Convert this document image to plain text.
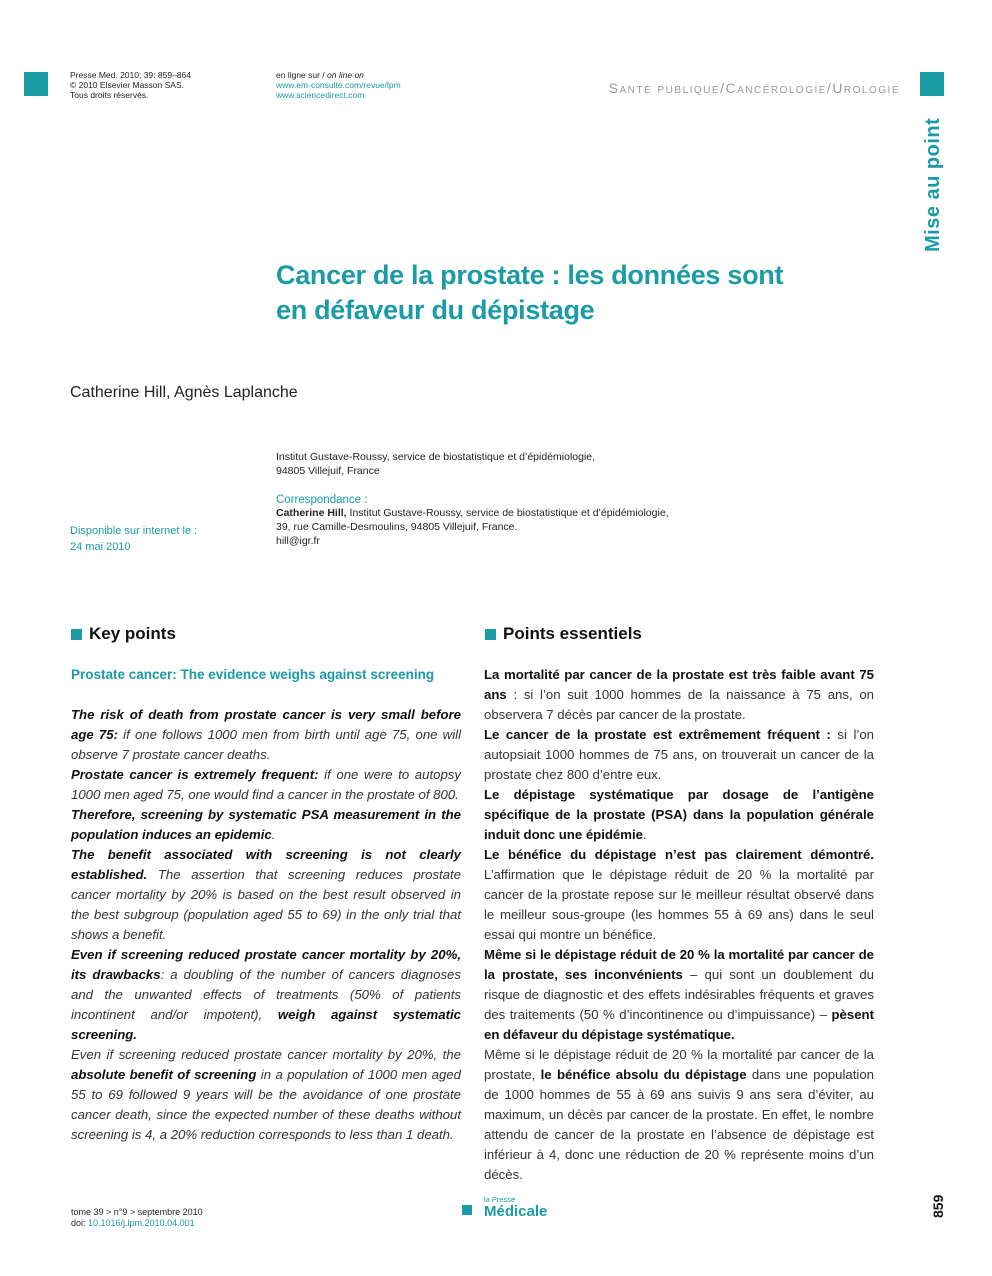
Presse Med. 2010; 39: 859–864
© 2010 Elsevier Masson SAS.
Tous droits réservés.
en ligne sur / on line on
www.em-consulte.com/revue/lpm
www.sciencedirect.com	Santé publique/Cancérologie/Urologie
Mise au point
Cancer de la prostate : les données sont
en défaveur du dépistage
Catherine Hill, Agnès Laplanche
Institut Gustave-Roussy, service de biostatistique et d’épidémiologie,
94805 Villejuif, France
Correspondance :
Catherine Hill, Institut Gustave-Roussy, service de biostatistique et d’épidémiologie,
39, rue Camille-Desmoulins, 94805 Villejuif, France.
hill@igr.fr
Disponible sur internet le :
24 mai 2010
Key points
Prostate cancer: The evidence weighs against screening

The risk of death from prostate cancer is very small before age 75: if one follows 1000 men from birth until age 75, one will observe 7 prostate cancer deaths.

Prostate cancer is extremely frequent: if one were to autopsy 1000 men aged 75, one would find a cancer in the prostate of 800.

Therefore, screening by systematic PSA measurement in the population induces an epidemic.

The benefit associated with screening is not clearly established. The assertion that screening reduces prostate cancer mortality by 20% is based on the best result observed in the best subgroup (population aged 55 to 69) in the only trial that shows a benefit.

Even if screening reduced prostate cancer mortality by 20%, its drawbacks: a doubling of the number of cancers diagnoses and the unwanted effects of treatments (50% of patients incontinent and/or impotent), weigh against systematic screening.

Even if screening reduced prostate cancer mortality by 20%, the absolute benefit of screening in a population of 1000 men aged 55 to 69 followed 9 years will be the avoidance of one prostate cancer death, since the expected number of these deaths without screening is 4, a 20% reduction corresponds to less than 1 death.

Points essentiels

La mortalité par cancer de la prostate est très faible avant 75 ans : si l’on suit 1000 hommes de la naissance à 75 ans, on observera 7 décès par cancer de la prostate.

Le cancer de la prostate est extrêmement fréquent : si l’on autopsiait 1000 hommes de 75 ans, on trouverait un cancer de la prostate chez 800 d’entre eux.

Le dépistage systématique par dosage de l’antigène spécifique de la prostate (PSA) dans la population générale induit donc une épidémie.

Le bénéfice du dépistage n’est pas clairement démontré. L’affirmation que le dépistage réduit de 20 % la mortalité par cancer de la prostate repose sur le meilleur résultat observé dans le meilleur sous-groupe (les hommes 55 à 69 ans) dans le seul essai qui montre un bénéfice.

Même si le dépistage réduit de 20 % la mortalité par cancer de la prostate, ses inconvénients – qui sont un doublement du risque de diagnostic et des effets indésirables fréquents et graves des traitements (50 % d’incontinence ou d’impuissance) – pèsent en défaveur du dépistage systématique.

Même si le dépistage réduit de 20 % la mortalité par cancer de la prostate, le bénéfice absolu du dépistage dans une population de 1000 hommes de 55 à 69 ans suivis 9 ans sera d’éviter, au maximum, un décès par cancer de la prostate. En effet, le nombre attendu de cancer de la prostate en l’absence de dépistage est inférieur à 4, donc une réduction de 20 % représente moins d’un décès.

tome 39 > n°9 > septembre 2010
doi: 10.1016/j.lpm.2010.04.001
la Presse
Médicale	859
